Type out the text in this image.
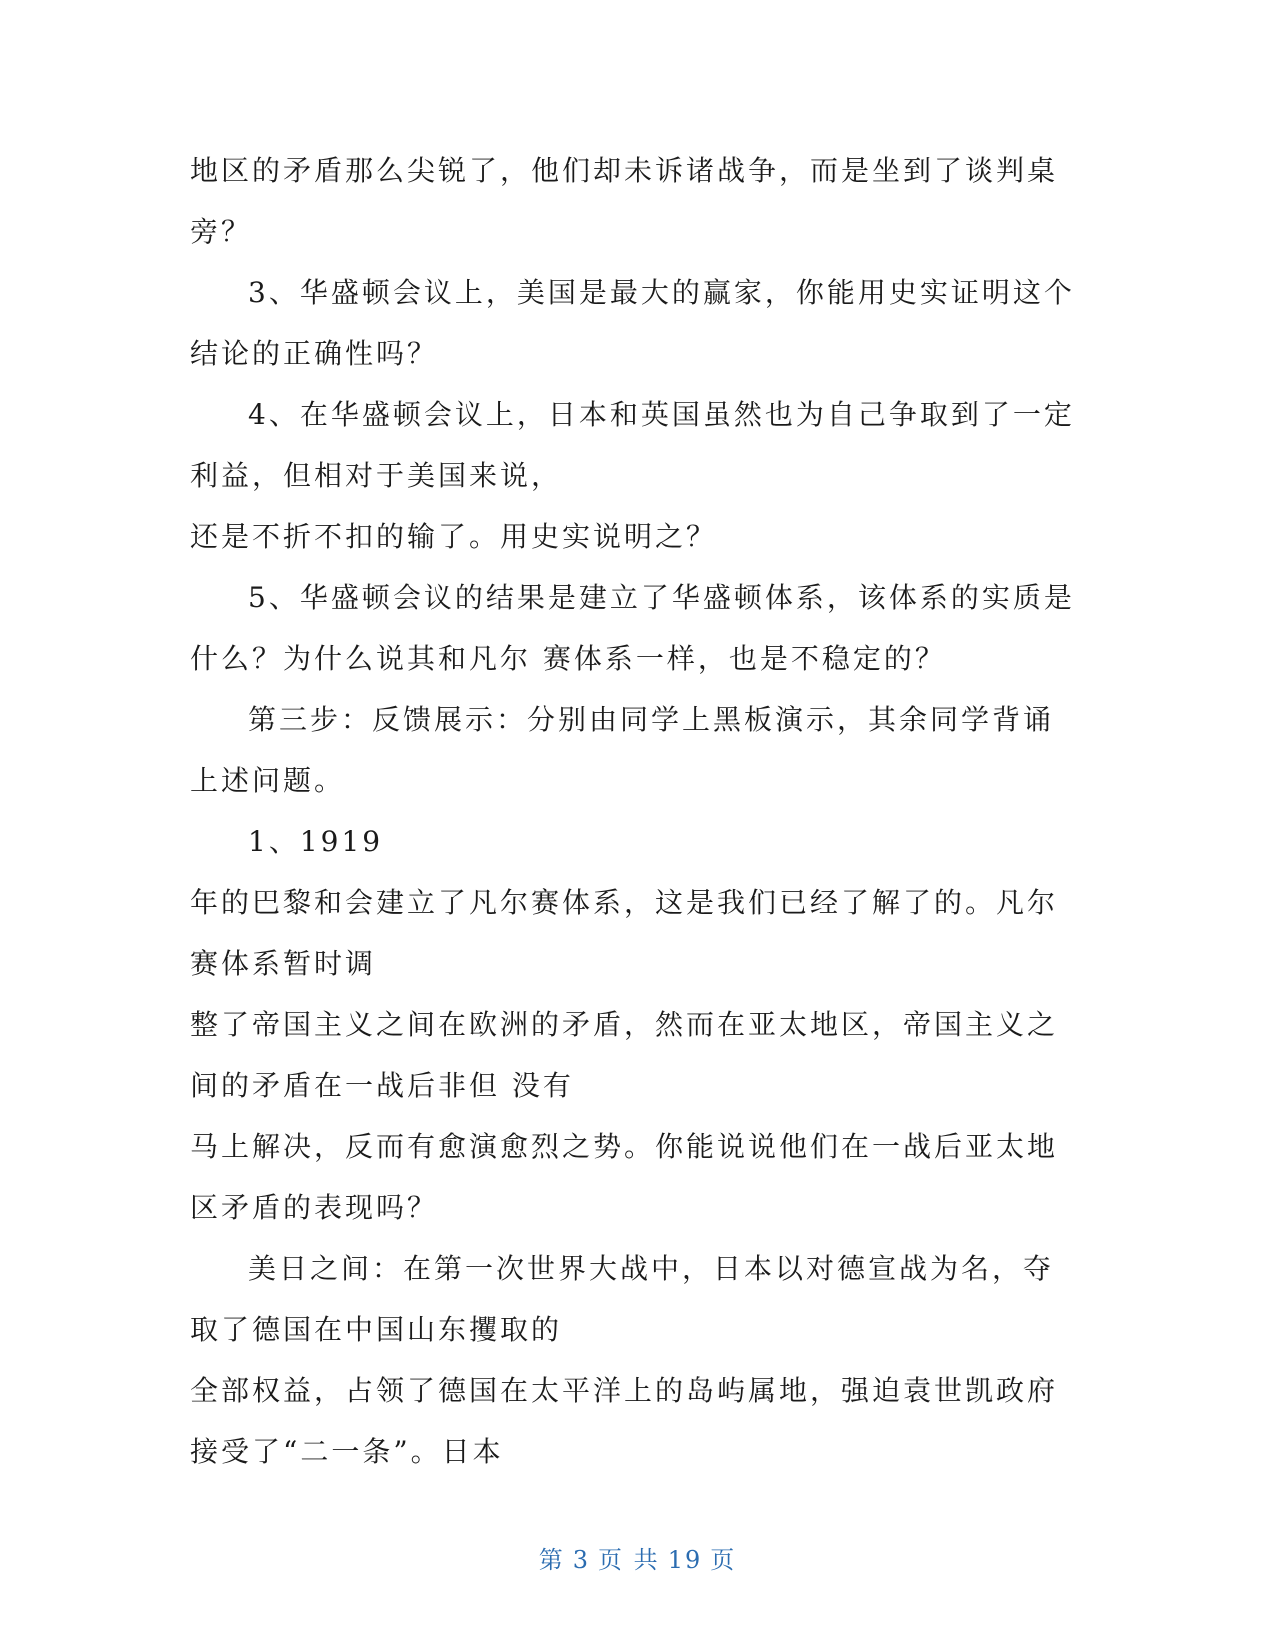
地区的矛盾那么尖锐了，他们却未诉诸战争，而是坐到了谈判桌
旁？
3、华盛顿会议上，美国是最大的赢家，你能用史实证明这个
结论的正确性吗？
4、在华盛顿会议上，日本和英国虽然也为自己争取到了一定
利益，但相对于美国来说，
还是不折不扣的输了。用史实说明之？
5、华盛顿会议的结果是建立了华盛顿体系，该体系的实质是
什么？为什么说其和凡尔 赛体系一样，也是不稳定的？
第三步：反馈展示：分别由同学上黑板演示，其余同学背诵
上述问题。
1、1919
年的巴黎和会建立了凡尔赛体系，这是我们已经了解了的。凡尔
赛体系暂时调
整了帝国主义之间在欧洲的矛盾，然而在亚太地区，帝国主义之
间的矛盾在一战后非但 没有
马上解决，反而有愈演愈烈之势。你能说说他们在一战后亚太地
区矛盾的表现吗？
美日之间：在第一次世界大战中，日本以对德宣战为名，夺
取了德国在中国山东攫取的
全部权益，占领了德国在太平洋上的岛屿属地，强迫袁世凯政府
接受了“二一条”。日本
第 3 页 共 19 页
